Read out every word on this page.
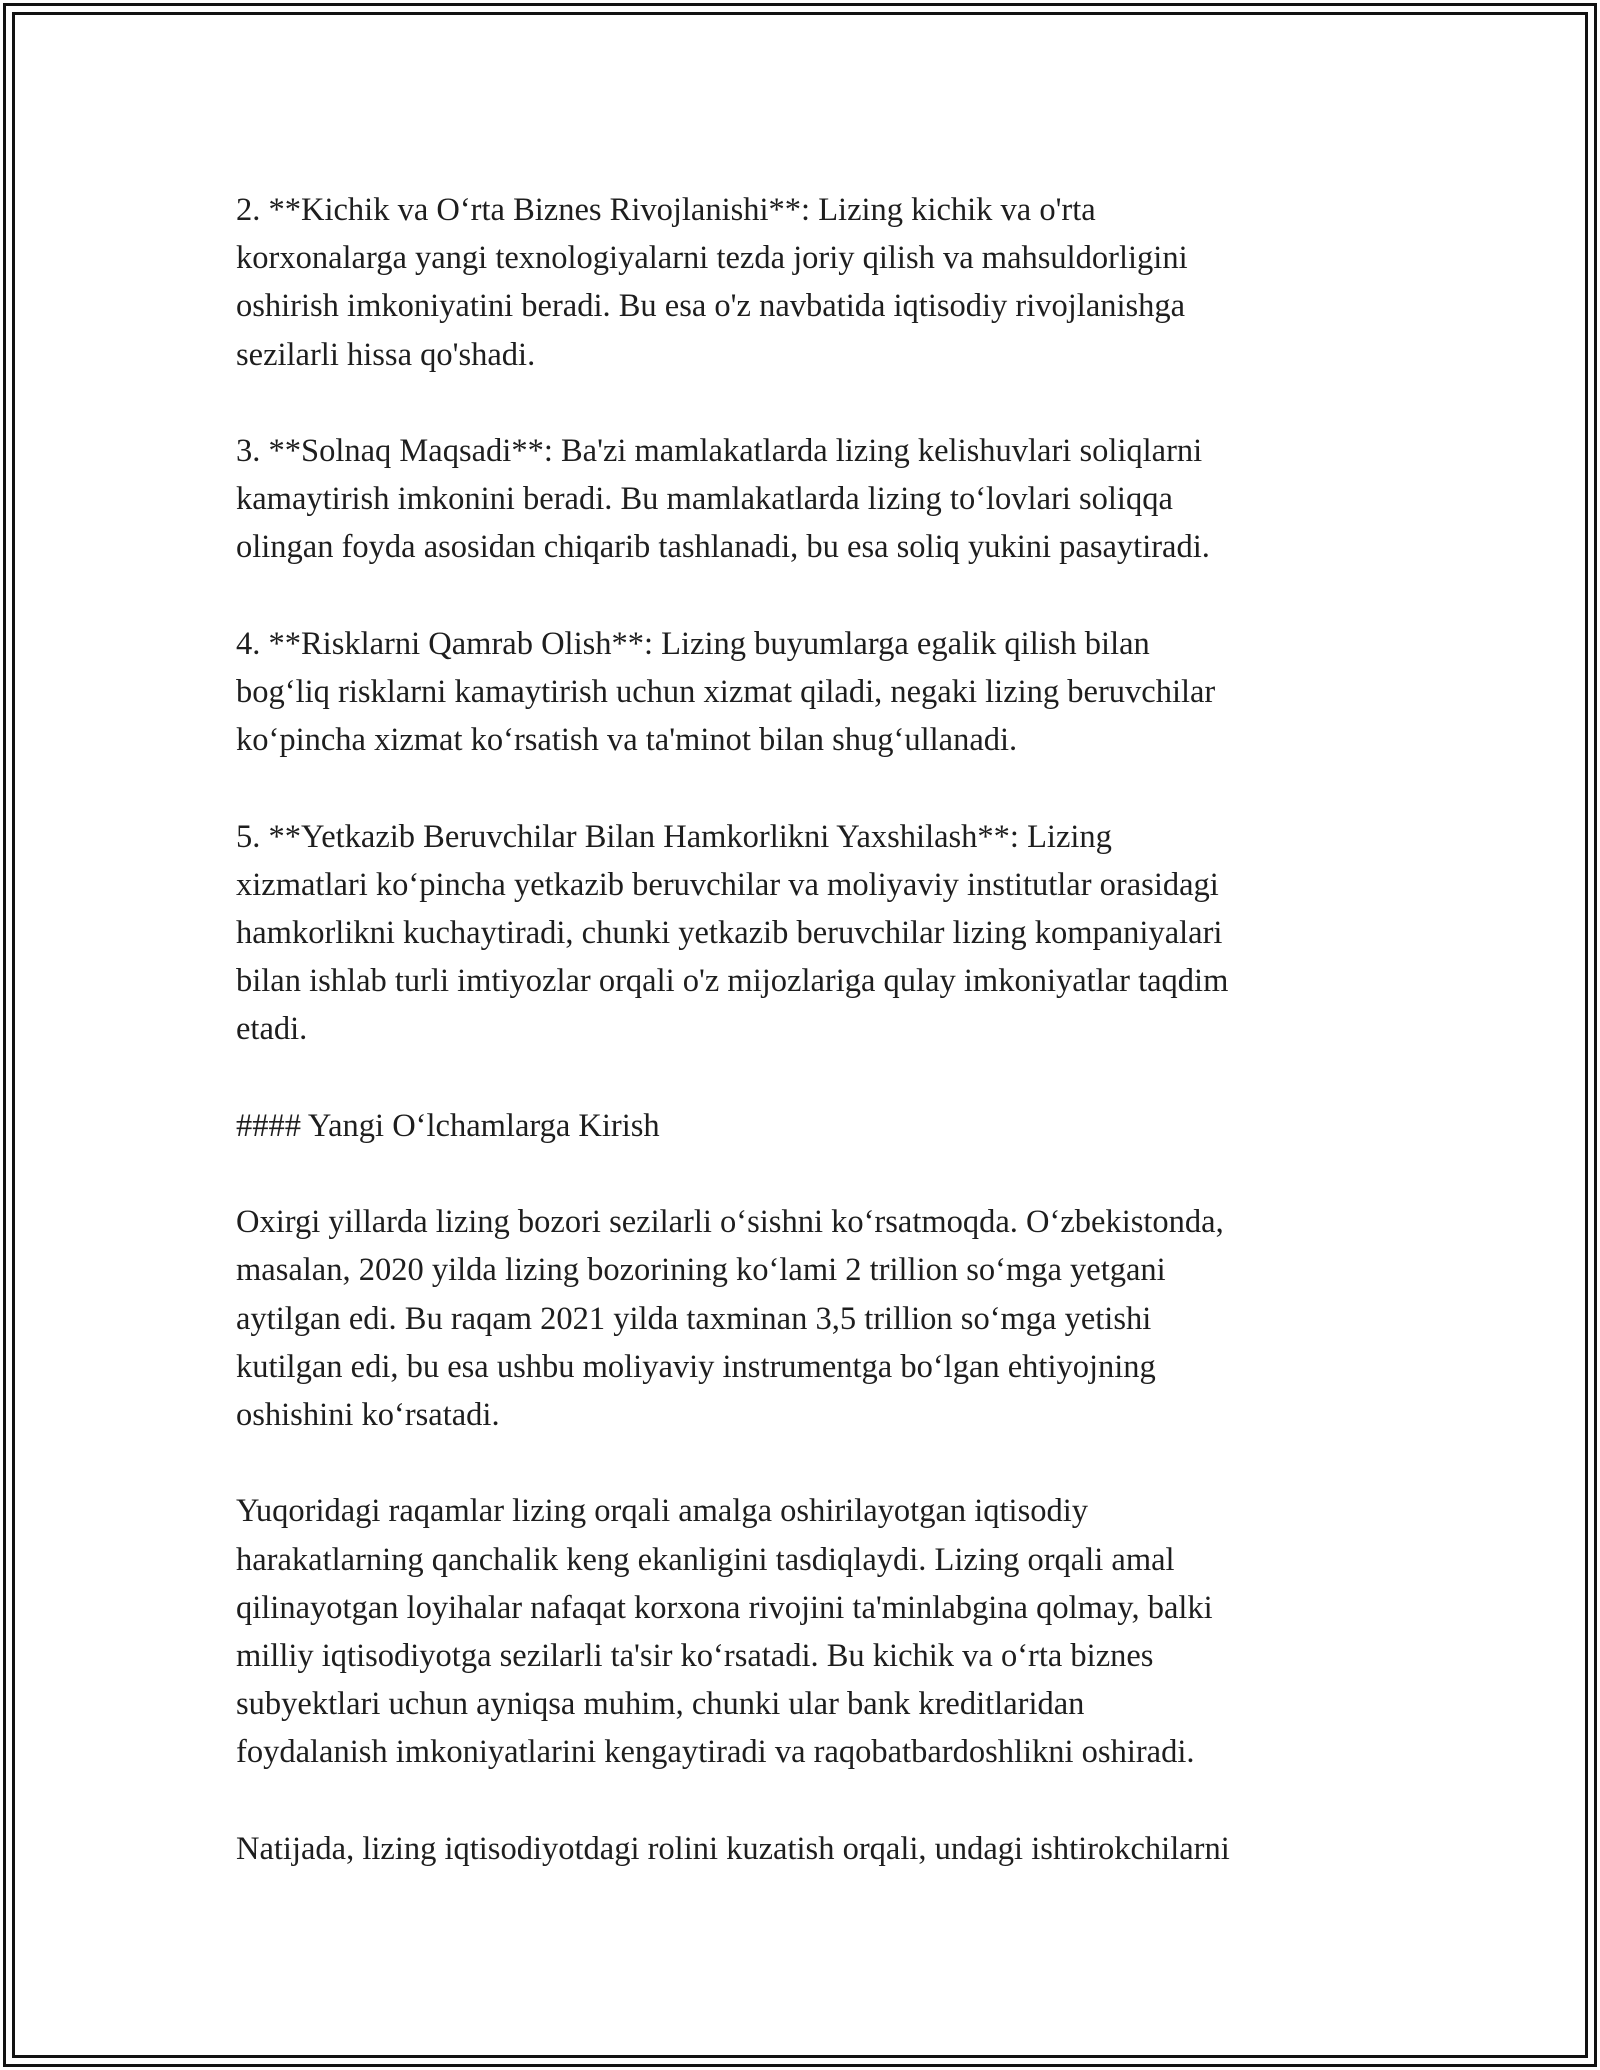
2. **Kichik va O‘rta Biznes Rivojlanishi**: Lizing kichik va o'rta
korxonalarga yangi texnologiyalarni tezda joriy qilish va mahsuldorligini
oshirish imkoniyatini beradi. Bu esa o'z navbatida iqtisodiy rivojlanishga
sezilarli hissa qo'shadi.

3. **Solnaq Maqsadi**: Ba'zi mamlakatlarda lizing kelishuvlari soliqlarni
kamaytirish imkonini beradi. Bu mamlakatlarda lizing to‘lovlari soliqqa
olingan foyda asosidan chiqarib tashlanadi, bu esa soliq yukini pasaytiradi.

4. **Risklarni Qamrab Olish**: Lizing buyumlarga egalik qilish bilan
bog‘liq risklarni kamaytirish uchun xizmat qiladi, negaki lizing beruvchilar
ko‘pincha xizmat ko‘rsatish va ta'minot bilan shug‘ullanadi.

5. **Yetkazib Beruvchilar Bilan Hamkorlikni Yaxshilash**: Lizing
xizmatlari ko‘pincha yetkazib beruvchilar va moliyaviy institutlar orasidagi
hamkorlikni kuchaytiradi, chunki yetkazib beruvchilar lizing kompaniyalari
bilan ishlab turli imtiyozlar orqali o'z mijozlariga qulay imkoniyatlar taqdim
etadi.

#### Yangi O‘lchamlarga Kirish

Oxirgi yillarda lizing bozori sezilarli o‘sishni ko‘rsatmoqda. O‘zbekistonda,
masalan, 2020 yilda lizing bozorining ko‘lami 2 trillion so‘mga yetgani
aytilgan edi. Bu raqam 2021 yilda taxminan 3,5 trillion so‘mga yetishi
kutilgan edi, bu esa ushbu moliyaviy instrumentga bo‘lgan ehtiyojning
oshishini ko‘rsatadi.

Yuqoridagi raqamlar lizing orqali amalga oshirilayotgan iqtisodiy
harakatlarning qanchalik keng ekanligini tasdiqlaydi. Lizing orqali amal
qilinayotgan loyihalar nafaqat korxona rivojini ta'minlabgina qolmay, balki
milliy iqtisodiyotga sezilarli ta'sir ko‘rsatadi. Bu kichik va o‘rta biznes
subyektlari uchun ayniqsa muhim, chunki ular bank kreditlaridan
foydalanish imkoniyatlarini kengaytiradi va raqobatbardoshlikni oshiradi.

Natijada, lizing iqtisodiyotdagi rolini kuzatish orqali, undagi ishtirokchilarni
